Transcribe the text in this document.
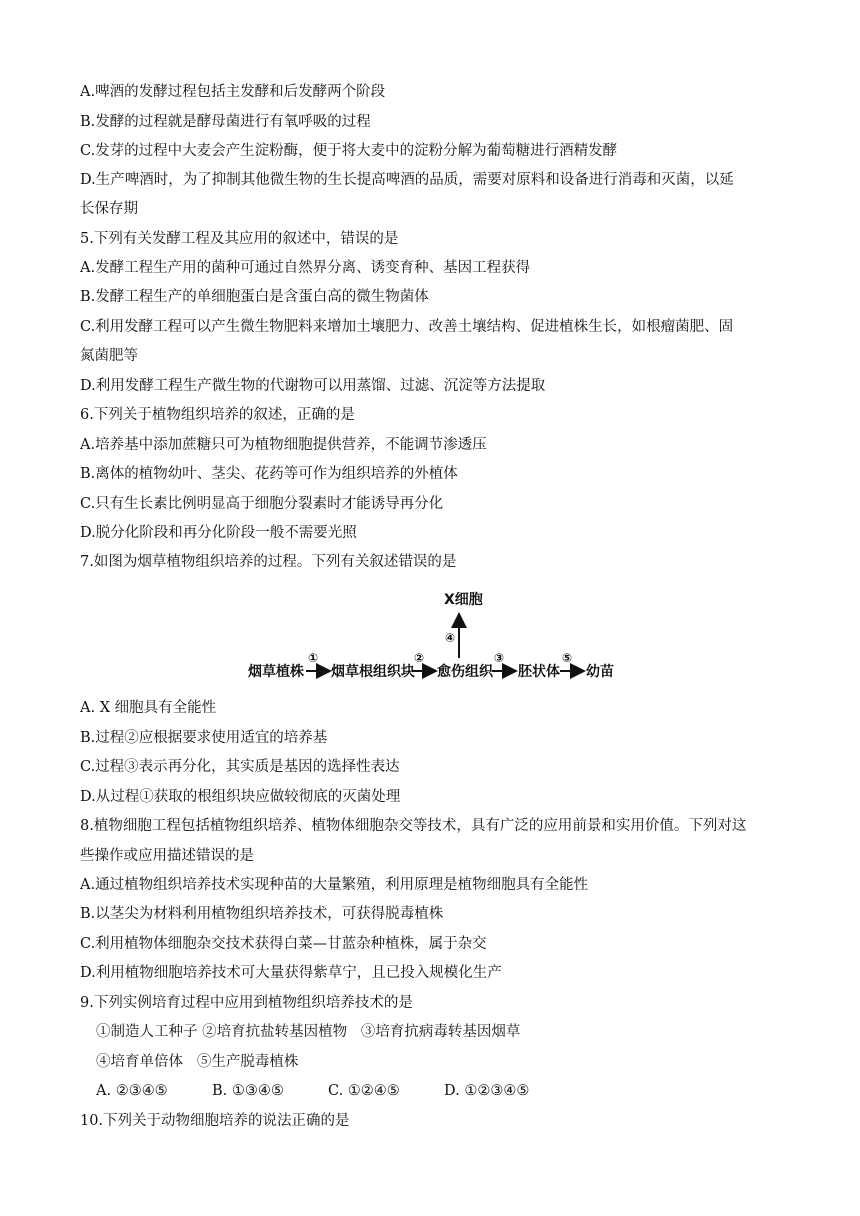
A.啤酒的发酵过程包括主发酵和后发酵两个阶段
B.发酵的过程就是酵母菌进行有氧呼吸的过程
C.发芽的过程中大麦会产生淀粉酶，便于将大麦中的淀粉分解为葡萄糖进行酒精发酵
D.生产啤酒时，为了抑制其他微生物的生长提高啤酒的品质，需要对原料和设备进行消毒和灭菌，以延
长保存期
5.下列有关发酵工程及其应用的叙述中，错误的是
A.发酵工程生产用的菌种可通过自然界分离、诱变育种、基因工程获得
B.发酵工程生产的单细胞蛋白是含蛋白高的微生物菌体
C.利用发酵工程可以产生微生物肥料来增加土壤肥力、改善土壤结构、促进植株生长，如根瘤菌肥、固
氮菌肥等
D.利用发酵工程生产微生物的代谢物可以用蒸馏、过滤、沉淀等方法提取
6.下列关于植物组织培养的叙述，正确的是
A.培养基中添加蔗糖只可为植物细胞提供营养，不能调节渗透压
B.离体的植物幼叶、茎尖、花药等可作为组织培养的外植体
C.只有生长素比例明显高于细胞分裂素时才能诱导再分化
D.脱分化阶段和再分化阶段一般不需要光照
7.如图为烟草植物组织培养的过程。下列有关叙述错误的是
X细胞
④
烟草植株
①
烟草根组织块
②
愈伤组织
③
胚状体
⑤
幼苗
A. X 细胞具有全能性
B.过程②应根据要求使用适宜的培养基
C.过程③表示再分化，其实质是基因的选择性表达
D.从过程①获取的根组织块应做较彻底的灭菌处理
8.植物细胞工程包括植物组织培养、植物体细胞杂交等技术，具有广泛的应用前景和实用价值。下列对这
些操作或应用描述错误的是
A.通过植物组织培养技术实现种苗的大量繁殖，利用原理是植物细胞具有全能性
B.以茎尖为材料利用植物组织培养技术，可获得脱毒植株
C.利用植物体细胞杂交技术获得白菜—甘蓝杂种植株，属于杂交
D.利用植物细胞培养技术可大量获得紫草宁，且已投入规模化生产
9.下列实例培育过程中应用到植物组织培养技术的是
①制造人工种子 ②培育抗盐转基因植物   ③培育抗病毒转基因烟草
④培育单倍体   ⑤生产脱毒植株
A. ②③④⑤	B. ①③④⑤	C. ①②④⑤	D. ①②③④⑤
10.下列关于动物细胞培养的说法正确的是
